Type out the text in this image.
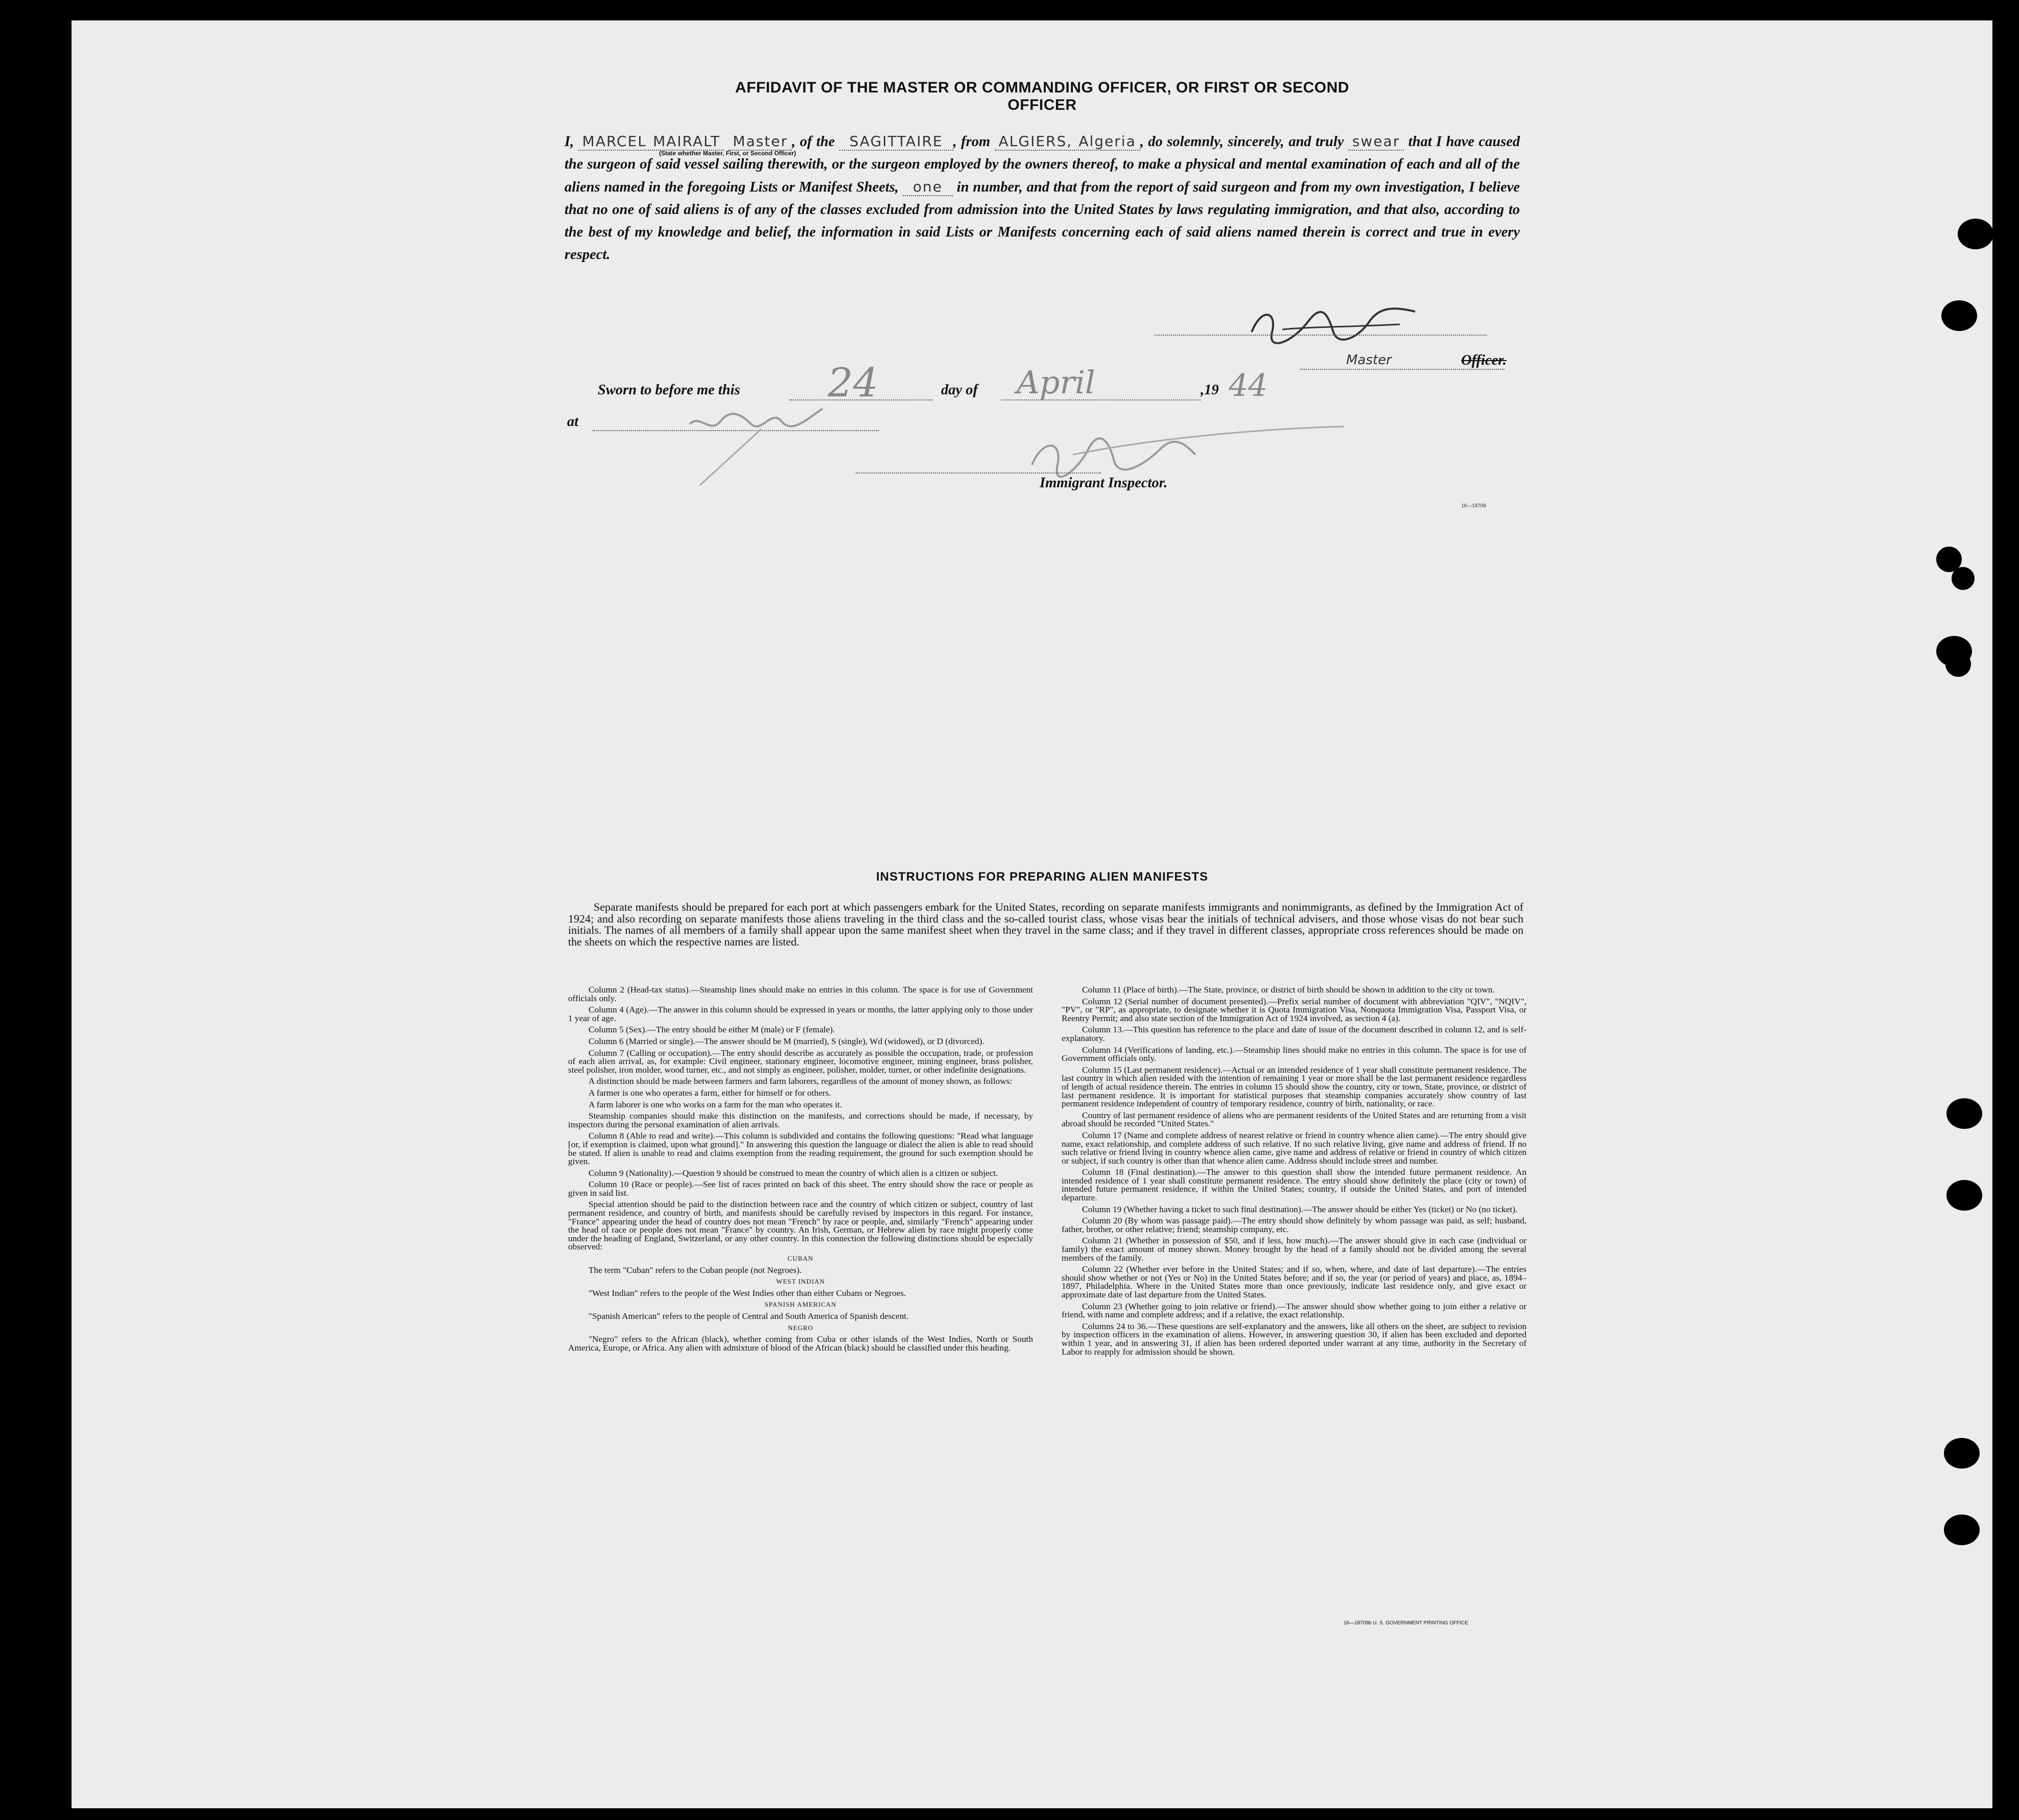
AFFIDAVIT OF THE MASTER OR COMMANDING OFFICER, OR FIRST OR SECOND OFFICER
I, MARCEL MAIRALT Master , of the SAGITTAIRE , from ALGIERS, Algeria , do solemnly, sincerely, and truly swear that I have caused the surgeon of said vessel sailing therewith, or the surgeon employed by the owners thereof, to make a physical and mental examination of each and all of the aliens named in the foregoing Lists or Manifest Sheets, one in number, and that from the report of said surgeon and from my own investigation, I believe that no one of said aliens is of any of the classes excluded from admission into the United States by laws regulating immigration, and that also, according to the best of my knowledge and belief, the information in said Lists or Manifests concerning each of said aliens named therein is correct and true in every respect.
(State whether Master, First, or Second Officer)
Master	Officer.
Sworn to before me this 24	day of April	,19 44
at
Immigrant Inspector.
16—18709
INSTRUCTIONS FOR PREPARING ALIEN MANIFESTS
Separate manifests should be prepared for each port at which passengers embark for the United States, recording on separate manifests immigrants and nonimmigrants, as defined by the Immigration Act of 1924; and also recording on separate manifests those aliens traveling in the third class and the so-called tourist class, whose visas bear the initials of technical advisers, and those whose visas do not bear such initials. The names of all members of a family shall appear upon the same manifest sheet when they travel in the same class; and if they travel in different classes, appropriate cross references should be made on the sheets on which the respective names are listed.

Column 2 (Head-tax status).—Steamship lines should make no entries in this column. The space is for use of Government officials only.

Column 4 (Age).—The answer in this column should be expressed in years or months, the latter applying only to those under 1 year of age.

Column 5 (Sex).—The entry should be either M (male) or F (female).

Column 6 (Married or single).—The answer should be M (married), S (single), Wd (widowed), or D (divorced).

Column 7 (Calling or occupation).—The entry should describe as accurately as possible the occupation, trade, or profession of each alien arrival, as, for example: Civil engineer, stationary engineer, locomotive engineer, mining engineer, brass polisher, steel polisher, iron molder, wood turner, etc., and not simply as engineer, polisher, molder, turner, or other indefinite designations.

A distinction should be made between farmers and farm laborers, regardless of the amount of money shown, as follows:

A farmer is one who operates a farm, either for himself or for others.

A farm laborer is one who works on a farm for the man who operates it.

Steamship companies should make this distinction on the manifests, and corrections should be made, if necessary, by inspectors during the personal examination of alien arrivals.

Column 8 (Able to read and write).—This column is subdivided and contains the following questions: "Read what language [or, if exemption is claimed, upon what ground]." In answering this question the language or dialect the alien is able to read should be stated. If alien is unable to read and claims exemption from the reading requirement, the ground for such exemption should be given.

Column 9 (Nationality).—Question 9 should be construed to mean the country of which alien is a citizen or subject.

Column 10 (Race or people).—See list of races printed on back of this sheet. The entry should show the race or people as given in said list.

Special attention should be paid to the distinction between race and the country of which citizen or subject, country of last permanent residence, and country of birth, and manifests should be carefully revised by inspectors in this regard. For instance, "France" appearing under the head of country does not mean "French" by race or people, and, similarly "French" appearing under the head of race or people does not mean "France" by country. An Irish, German, or Hebrew alien by race might properly come under the heading of England, Switzerland, or any other country. In this connection the following distinctions should be especially observed:

CUBAN

The term "Cuban" refers to the Cuban people (not Negroes).

WEST INDIAN

"West Indian" refers to the people of the West Indies other than either Cubans or Negroes.

SPANISH AMERICAN

"Spanish American" refers to the people of Central and South America of Spanish descent.

NEGRO

"Negro" refers to the African (black), whether coming from Cuba or other islands of the West Indies, North or South America, Europe, or Africa. Any alien with admixture of blood of the African (black) should be classified under this heading.

Column 11 (Place of birth).—The State, province, or district of birth should be shown in addition to the city or town.

Column 12 (Serial number of document presented).—Prefix serial number of document with abbreviation "QIV", "NQIV", "PV", or "RP", as appropriate, to designate whether it is Quota Immigration Visa, Nonquota Immigration Visa, Passport Visa, or Reentry Permit; and also state section of the Immigration Act of 1924 involved, as section 4 (a).

Column 13.—This question has reference to the place and date of issue of the document described in column 12, and is self-explanatory.

Column 14 (Verifications of landing, etc.).—Steamship lines should make no entries in this column. The space is for use of Government officials only.

Column 15 (Last permanent residence).—Actual or an intended residence of 1 year shall constitute permanent residence. The last country in which alien resided with the intention of remaining 1 year or more shall be the last permanent residence regardless of length of actual residence therein. The entries in column 15 should show the country, city or town, State, province, or district of last permanent residence. It is important for statistical purposes that steamship companies accurately show country of last permanent residence independent of country of temporary residence, country of birth, nationality, or race.

Country of last permanent residence of aliens who are permanent residents of the United States and are returning from a visit abroad should be recorded "United States."

Column 17 (Name and complete address of nearest relative or friend in country whence alien came).—The entry should give name, exact relationship, and complete address of such relative. If no such relative living, give name and address of friend. If no such relative or friend living in country whence alien came, give name and address of relative or friend in country of which citizen or subject, if such country is other than that whence alien came. Address should include street and number.

Column 18 (Final destination).—The answer to this question shall show the intended future permanent residence. An intended residence of 1 year shall constitute permanent residence. The entry should show definitely the place (city or town) of intended future permanent residence, if within the United States; country, if outside the United States, and port of intended departure.

Column 19 (Whether having a ticket to such final destination).—The answer should be either Yes (ticket) or No (no ticket).

Column 20 (By whom was passage paid).—The entry should show definitely by whom passage was paid, as self; husband, father, brother, or other relative; friend; steamship company, etc.

Column 21 (Whether in possession of $50, and if less, how much).—The answer should give in each case (individual or family) the exact amount of money shown. Money brought by the head of a family should not be divided among the several members of the family.

Column 22 (Whether ever before in the United States; and if so, when, where, and date of last departure).—The entries should show whether or not (Yes or No) in the United States before; and if so, the year (or period of years) and place, as, 1894–1897, Philadelphia. Where in the United States more than once previously, indicate last residence only, and give exact or approximate date of last departure from the United States.

Column 23 (Whether going to join relative or friend).—The answer should show whether going to join either a relative or friend, with name and complete address; and if a relative, the exact relationship.

Columns 24 to 36.—These questions are self-explanatory and the answers, like all others on the sheet, are subject to revision by inspection officers in the examination of aliens. However, in answering question 30, if alien has been excluded and deported within 1 year, and in answering 31, if alien has been ordered deported under warrant at any time, authority in the Secretary of Labor to reapply for admission should be shown.

16—18709b U. S. GOVERNMENT PRINTING OFFICE
